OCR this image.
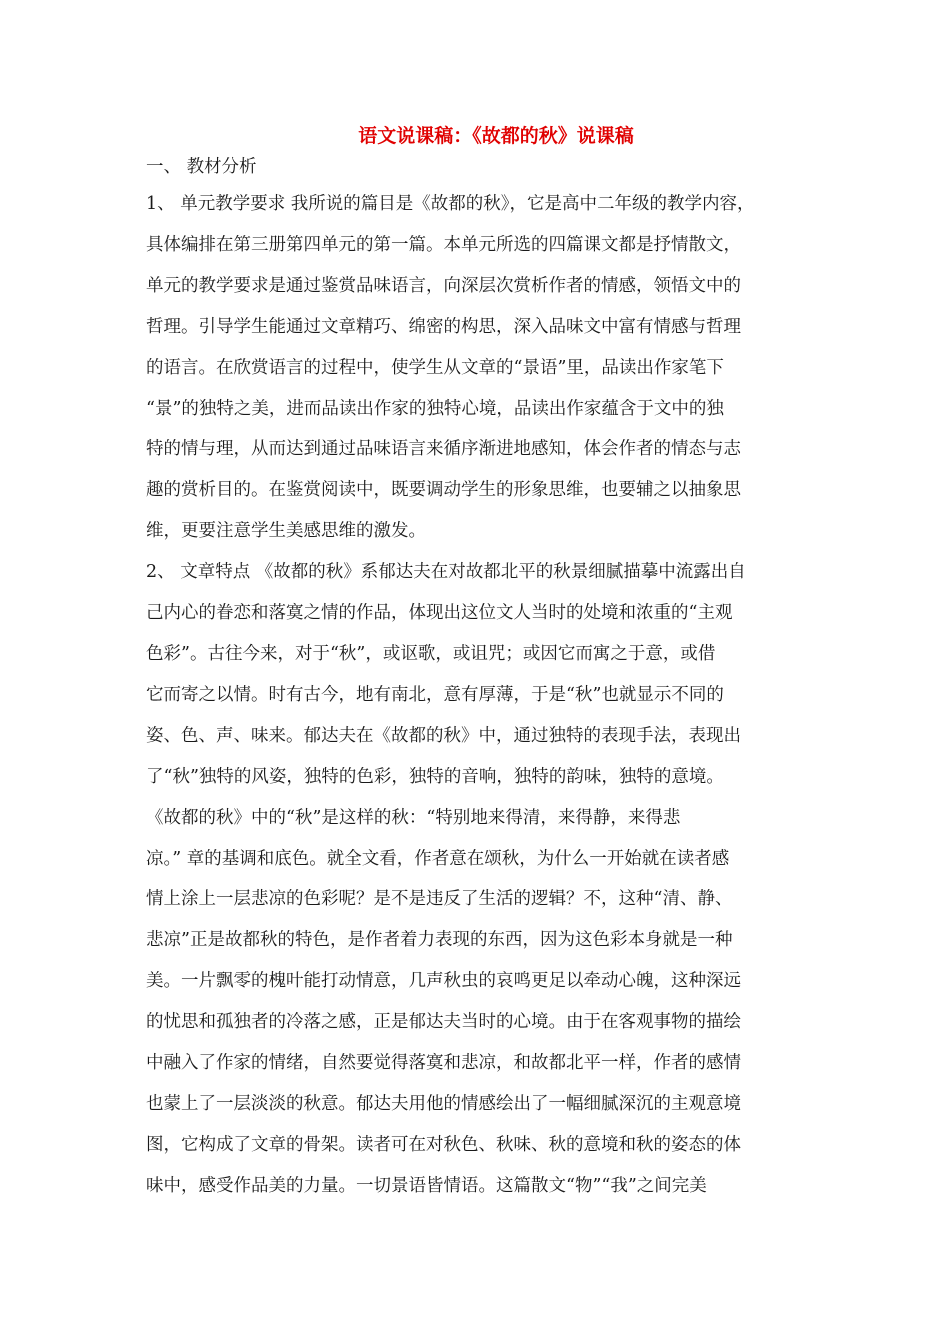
语文说课稿：《故都的秋》说课稿

一、 教材分析

1、 单元教学要求 我所说的篇目是《故都的秋》，它是高中二年级的教学内容，

具体编排在第三册第四单元的第一篇。本单元所选的四篇课文都是抒情散文，

单元的教学要求是通过鉴赏品味语言，向深层次赏析作者的情感，领悟文中的

哲理。引导学生能通过文章精巧、绵密的构思，深入品味文中富有情感与哲理

的语言。在欣赏语言的过程中，使学生从文章的“景语”里，品读出作家笔下

“景”的独特之美，进而品读出作家的独特心境，品读出作家蕴含于文中的独

特的情与理，从而达到通过品味语言来循序渐进地感知，体会作者的情态与志

趣的赏析目的。在鉴赏阅读中，既要调动学生的形象思维，也要辅之以抽象思

维，更要注意学生美感思维的激发。

2、 文章特点 《故都的秋》系郁达夫在对故都北平的秋景细腻描摹中流露出自

己内心的眷恋和落寞之情的作品，体现出这位文人当时的处境和浓重的“主观

色彩”。古往今来，对于“秋”，或讴歌，或诅咒；或因它而寓之于意，或借

它而寄之以情。时有古今，地有南北，意有厚薄，于是“秋”也就显示不同的

姿、色、声、味来。郁达夫在《故都的秋》中，通过独特的表现手法，表现出

了“秋”独特的风姿，独特的色彩，独特的音响，独特的韵味，独特的意境。

《故都的秋》中的“秋”是这样的秋：“特别地来得清，来得静，来得悲

凉。” 章的基调和底色。就全文看，作者意在颂秋，为什么一开始就在读者感

情上涂上一层悲凉的色彩呢？是不是违反了生活的逻辑？不，这种“清、静、

悲凉”正是故都秋的特色，是作者着力表现的东西，因为这色彩本身就是一种

美。一片飘零的槐叶能打动情意，几声秋虫的哀鸣更足以牵动心魄，这种深远

的忧思和孤独者的冷落之感，正是郁达夫当时的心境。由于在客观事物的描绘

中融入了作家的情绪，自然要觉得落寞和悲凉，和故都北平一样，作者的感情

也蒙上了一层淡淡的秋意。郁达夫用他的情感绘出了一幅细腻深沉的主观意境

图，它构成了文章的骨架。读者可在对秋色、秋味、秋的意境和秋的姿态的体

味中，感受作品美的力量。一切景语皆情语。这篇散文“物”“我”之间完美
